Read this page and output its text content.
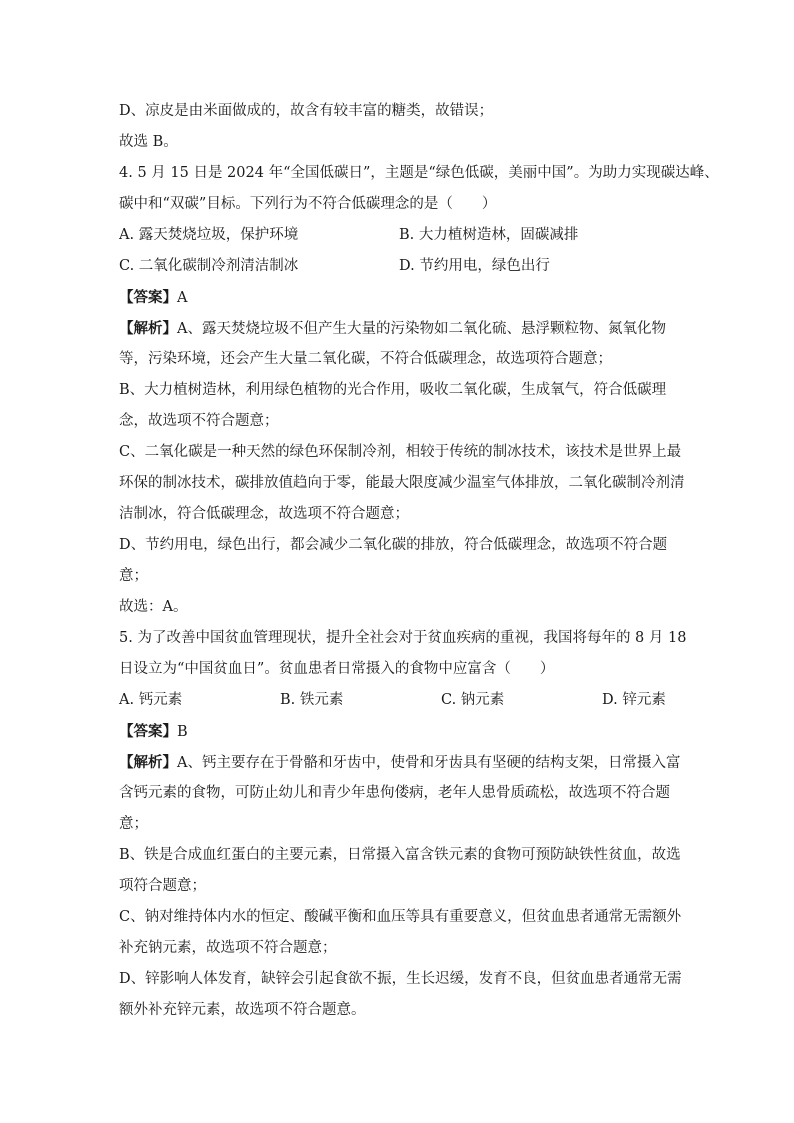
D、凉皮是由米面做成的，故含有较丰富的糖类，故错误；
故选 B。
4. 5 月 15 日是 2024 年“全国低碳日”，主题是“绿色低碳，美丽中国”。为助力实现碳达峰、
碳中和“双碳”目标。下列行为不符合低碳理念的是（　　）
A. 露天焚烧垃圾，保护环境	B. 大力植树造林，固碳减排
C. 二氧化碳制冷剂清洁制冰	D. 节约用电，绿色出行
【答案】A
【解析】A、露天焚烧垃圾不但产生大量的污染物如二氧化硫、悬浮颗粒物、氮氧化物
等，污染环境，还会产生大量二氧化碳，不符合低碳理念，故选项符合题意；
B、大力植树造林，利用绿色植物的光合作用，吸收二氧化碳，生成氧气，符合低碳理
念，故选项不符合题意；
C、二氧化碳是一种天然的绿色环保制冷剂，相较于传统的制冰技术，该技术是世界上最
环保的制冰技术，碳排放值趋向于零，能最大限度减少温室气体排放，二氧化碳制冷剂清
洁制冰，符合低碳理念，故选项不符合题意；
D、节约用电，绿色出行，都会减少二氧化碳的排放，符合低碳理念，故选项不符合题
意；
故选：A。
5. 为了改善中国贫血管理现状，提升全社会对于贫血疾病的重视，我国将每年的 8 月 18
日设立为“中国贫血日”。贫血患者日常摄入的食物中应富含（　　）
A. 钙元素	B. 铁元素	C. 钠元素	D. 锌元素
【答案】B
【解析】A、钙主要存在于骨骼和牙齿中，使骨和牙齿具有坚硬的结构支架，日常摄入富
含钙元素的食物，可防止幼儿和青少年患佝偻病，老年人患骨质疏松，故选项不符合题
意；
B、铁是合成血红蛋白的主要元素，日常摄入富含铁元素的食物可预防缺铁性贫血，故选
项符合题意；
C、钠对维持体内水的恒定、酸碱平衡和血压等具有重要意义，但贫血患者通常无需额外
补充钠元素，故选项不符合题意；
D、锌影响人体发育，缺锌会引起食欲不振，生长迟缓，发育不良，但贫血患者通常无需
额外补充锌元素，故选项不符合题意。
